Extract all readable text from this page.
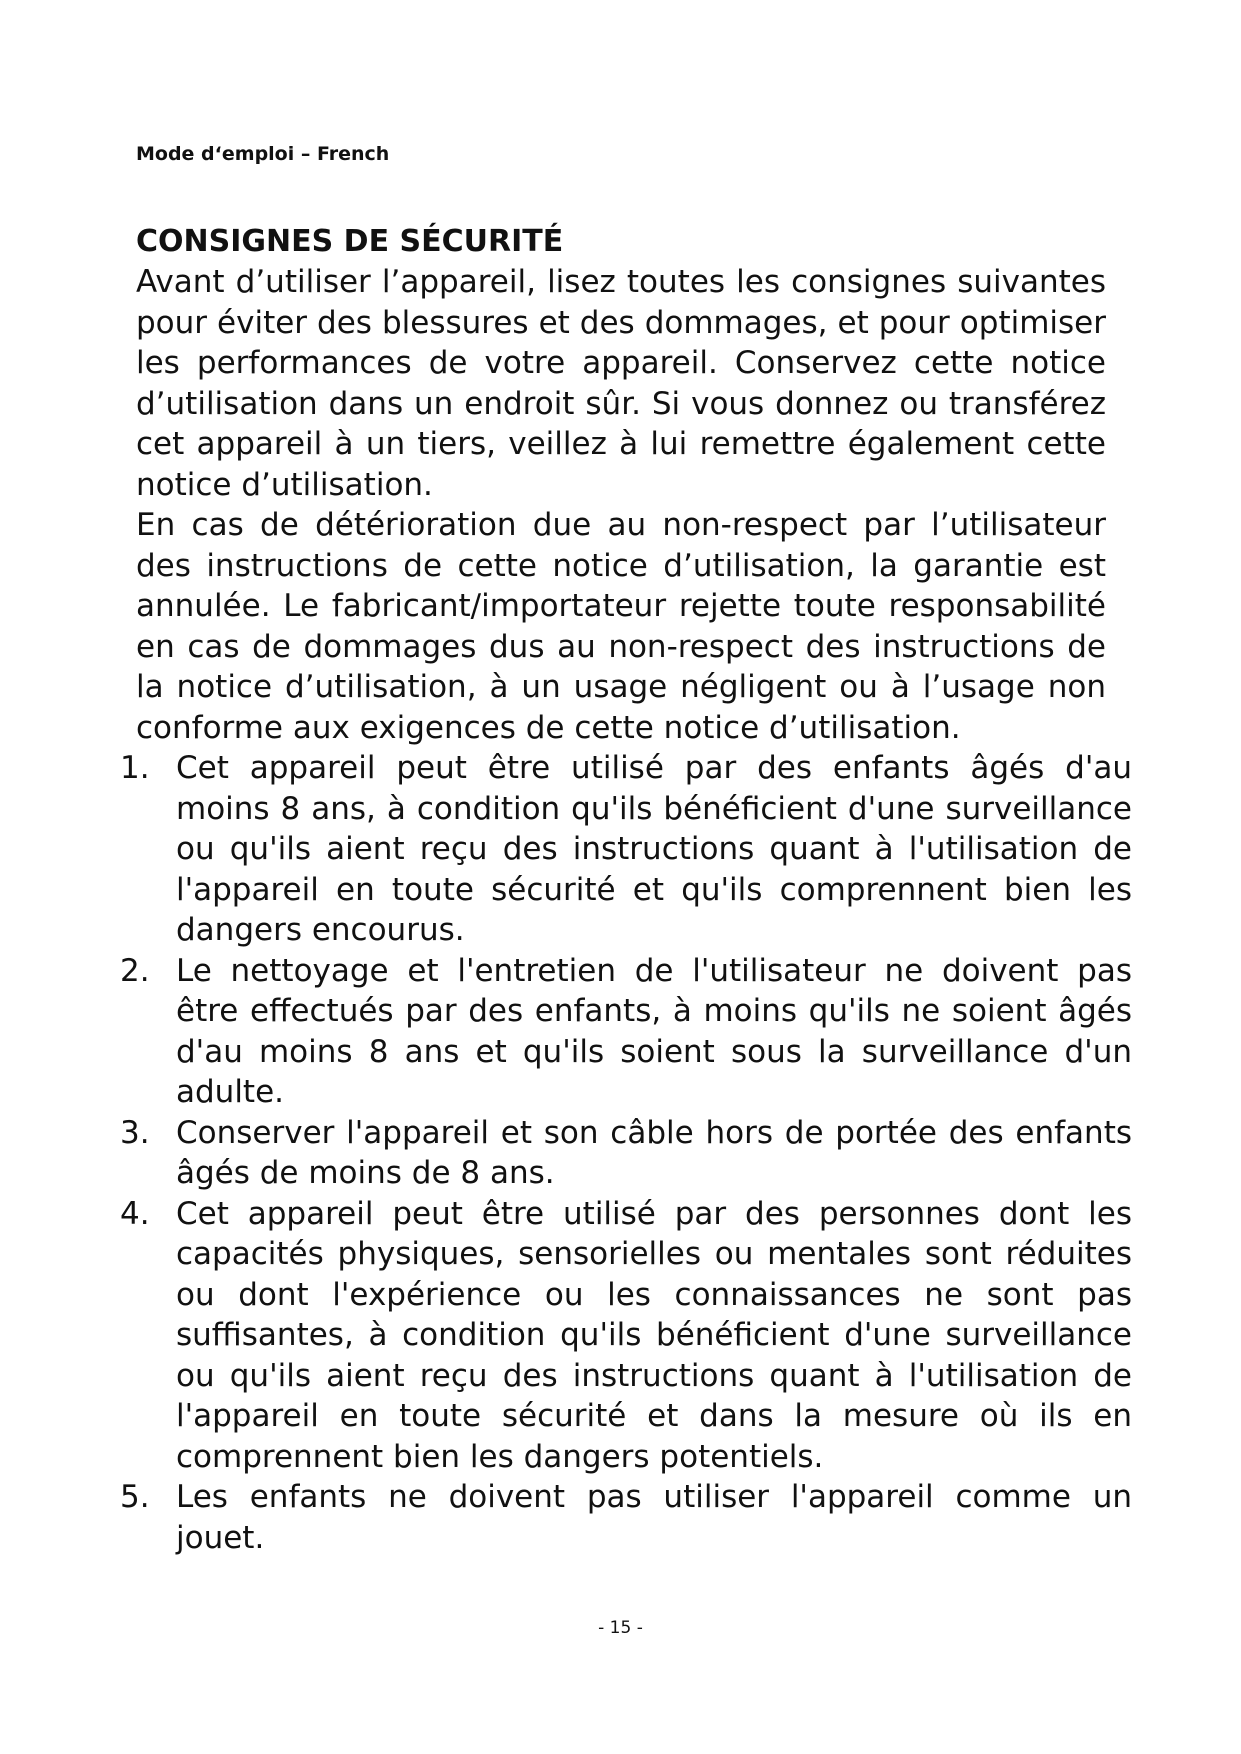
Mode d‘emploi – French
CONSIGNES DE SÉCURITÉ

Avant d’utiliser l’appareil, lisez toutes les consignes suivantes pour éviter des blessures et des dommages, et pour optimiser les performances de votre appareil. Conservez cette notice d’utilisation dans un endroit sûr. Si vous donnez ou transférez cet appareil à un tiers, veillez à lui remettre également cette notice d’utilisation.

En cas de détérioration due au non-respect par l’utilisateur des instructions de cette notice d’utilisation, la garantie est annulée. Le fabricant/importateur rejette toute responsabilité en cas de dommages dus au non-respect des instructions de la notice d’utilisation, à un usage négligent ou à l’usage non conforme aux exigences de cette notice d’utilisation.

1. Cet appareil peut être utilisé par des enfants âgés d'au moins 8 ans, à condition qu'ils bénéficient d'une surveillance ou qu'ils aient reçu des instructions quant à l'utilisation de l'appareil en toute sécurité et qu'ils comprennent bien les dangers encourus.
2. Le nettoyage et l'entretien de l'utilisateur ne doivent pas être effectués par des enfants, à moins qu'ils ne soient âgés d'au moins 8 ans et qu'ils soient sous la surveillance d'un adulte.
3. Conserver l'appareil et son câble hors de portée des enfants âgés de moins de 8 ans.
4. Cet appareil peut être utilisé par des personnes dont les capacités physiques, sensorielles ou mentales sont réduites ou dont l'expérience ou les connaissances ne sont pas suffisantes, à condition qu'ils bénéficient d'une surveillance ou qu'ils aient reçu des instructions quant à l'utilisation de l'appareil en toute sécurité et dans la mesure où ils en comprennent bien les dangers potentiels.
5. Les enfants ne doivent pas utiliser l'appareil comme un jouet.
- 15 -
